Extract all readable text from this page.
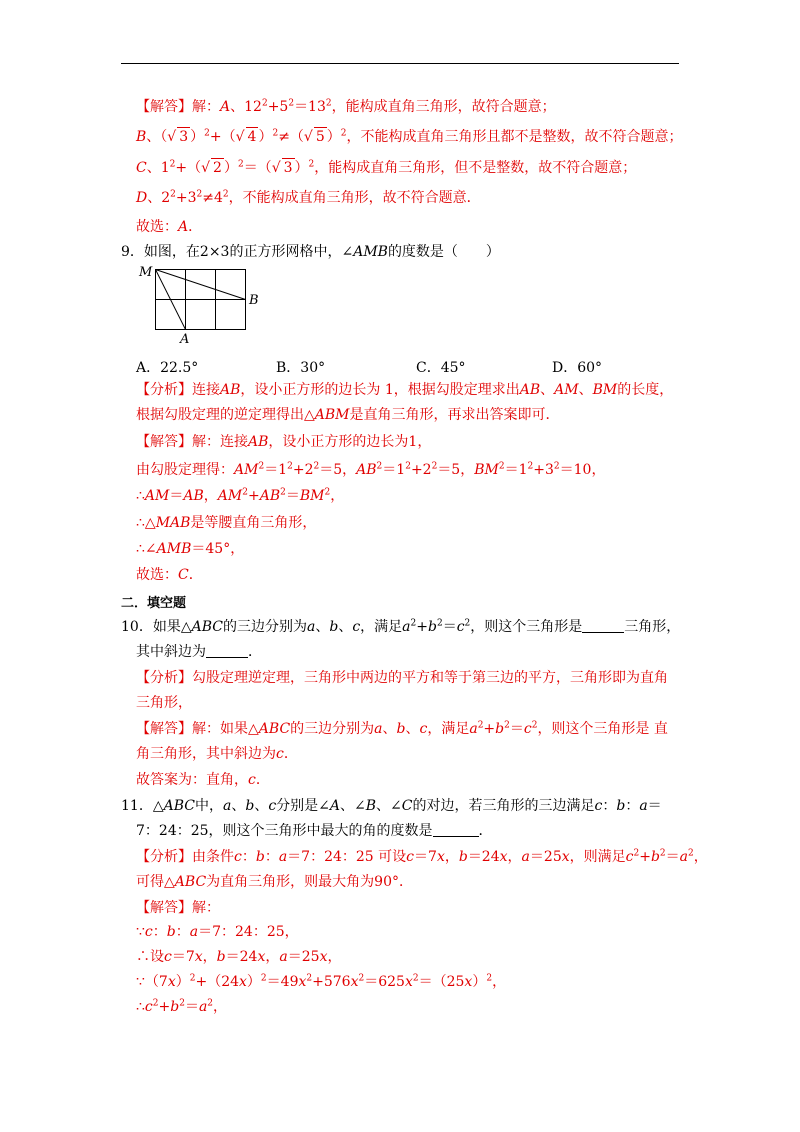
【解答】解：A、$12^2+5^2=13^2$，能构成直角三角形，故符合题意；
B、（√ 3 ）$^2$+（√ 4 ）$^2$≠（√ 5 ）$^2$，不能构成直角三角形且都不是整数，故不符合题意；
C、$1^2+(√$ 2 ）$^2$＝（√ 3 ）$^2$，能构成直角三角形，但不是整数，故不符合题意；
D、$2^2+3^2\ne 4^2$，不能构成直角三角形，故不符合题意．
故选：A．
9．如图，在2×3的正方形网格中，∠AMB的度数是（　　）
M
B
A
A．22.5°	B．30°	C．45°	D．60°
【分析】连接AB，设小正方形的边长为 1，根据勾股定理求出AB、AM、BM的长度，
根据勾股定理的逆定理得出△ABM是直角三角形，再求出答案即可．
【解答】解：连接AB，设小正方形的边长为1，
由勾股定理得：$AM^2=1^2+2^2=5$，$AB^2=1^2+2^2=5$，$BM^2=1^2+3^2=10$，
∴AM＝AB，$AM^2+AB^2=BM^2$，
∴△MAB是等腰直角三角形，
∴∠AMB＝45°，
故选：C．
二．填空题
10．如果△ABC的三边分别为a、b、c，满足$a^2+b^2=c^2$，则这个三角形是	三角形，
其中斜边为	．
【分析】勾股定理逆定理，三角形中两边的平方和等于第三边的平方，三角形即为直角
三角形，
【解答】解：如果△ABC的三边分别为a、b、c，满足$a^2+b^2=c^2$，则这个三角形是 直
角三角形，其中斜边为c．
故答案为：直角，c．
11．△ABC中，a、b、c分别是∠A、∠B、∠C的对边，若三角形的三边满足c：b：a＝
7：24：25，则这个三角形中最大的角的度数是	．
【分析】由条件c：b：a＝7：24：25 可设c＝7x，b＝24x，a＝25x，则满足$c^2+b^2=a^2$，
可得△ABC为直角三角形，则最大角为90°．
【解答】解：
∵c：b：a＝7：24：25，
∴设c＝7x，b＝24x，a＝25x，
$\because(7x)^2+(24x)^2=49x^2+576x^2=625x^2=(25x)^2$，
$\therefore c^2+b^2=a^2$，
